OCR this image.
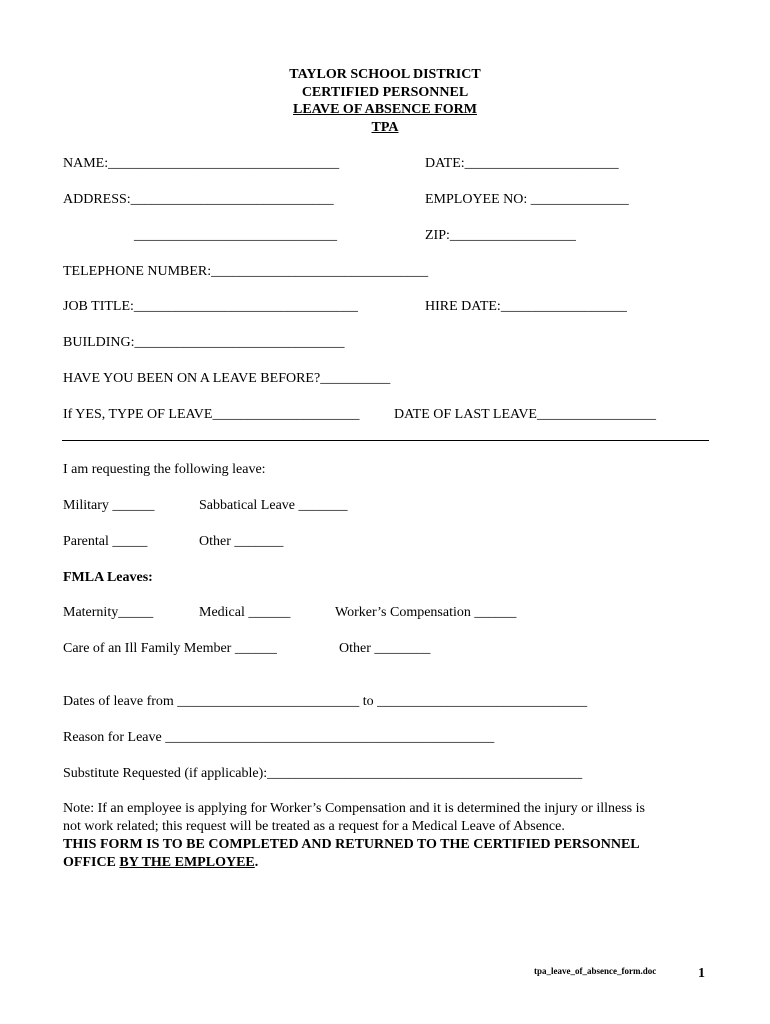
TAYLOR SCHOOL DISTRICT
CERTIFIED PERSONNEL
LEAVE OF ABSENCE FORM
TPA
NAME:_________________________________	DATE:______________________
ADDRESS:_____________________________	EMPLOYEE NO: ______________
_____________________________	ZIP:__________________
TELEPHONE NUMBER:_______________________________
JOB TITLE:________________________________	HIRE DATE:__________________
BUILDING:______________________________
HAVE YOU BEEN ON A LEAVE BEFORE?__________
If YES, TYPE OF LEAVE_____________________ DATE OF LAST LEAVE_________________
I am requesting the following leave:
Military ______	Sabbatical Leave _______
Parental _____	Other _______
FMLA Leaves:
Maternity_____	Medical ______	Worker’s Compensation ______
Care of an Ill Family Member ______	Other ________
Dates of leave from __________________________ to ______________________________
Reason for Leave _______________________________________________
Substitute Requested (if applicable):_____________________________________________
Note: If an employee is applying for Worker’s Compensation and it is determined the injury or illness is
not work related; this request will be treated as a request for a Medical Leave of Absence.
THIS FORM IS TO BE COMPLETED AND RETURNED TO THE CERTIFIED PERSONNEL
OFFICE BY THE EMPLOYEE.
tpa_leave_of_absence_form.doc	1
